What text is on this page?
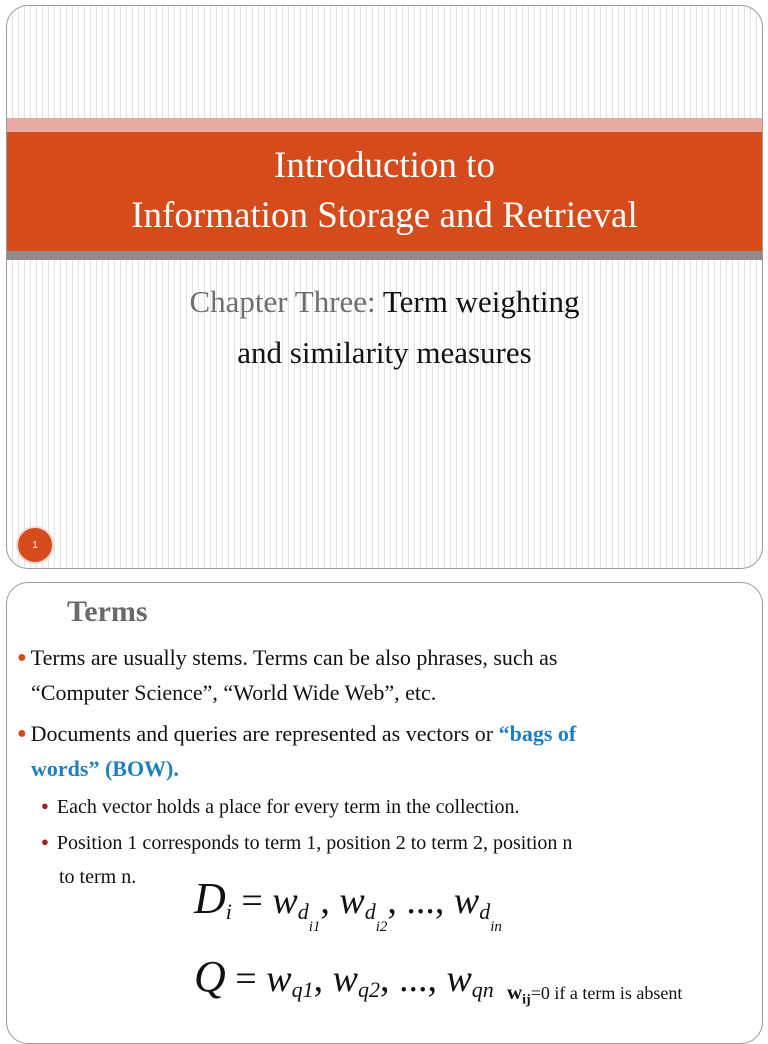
Introduction to
Information Storage and Retrieval
Chapter Three: Term weighting
and similarity measures
1
Terms
● Terms are usually stems. Terms can be also phrases, such as
“Computer Science”, “World Wide Web”, etc.
● Documents and queries are represented as vectors or “bags of
words” (BOW).
● Each vector holds a place for every term in the collection.
● Position 1 corresponds to term 1, position 2 to term 2, position n
to term n.	$Di = wd_{i1}$, $wd_{i2}$, ..., $wd_{in}$
Q = wq1, wq2, ..., wqn $w_{ij}=0$ if a term is absent
